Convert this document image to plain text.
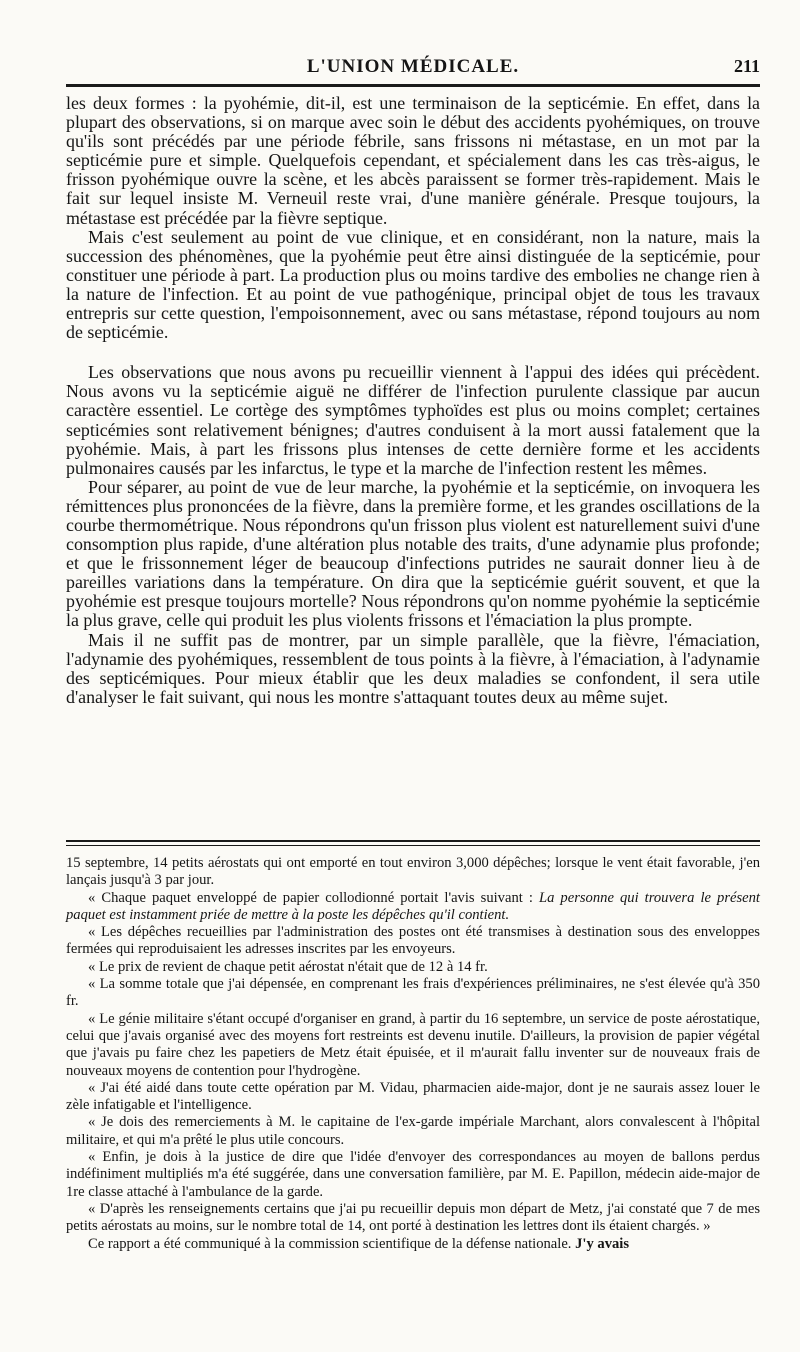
L'UNION MÉDICALE.	211

les deux formes : la pyohémie, dit-il, est une terminaison de la septicémie. En effet, dans la plupart des observations, si on marque avec soin le début des accidents pyohémiques, on trouve qu'ils sont précédés par une période fébrile, sans frissons ni métastase, en un mot par la septicémie pure et simple. Quelquefois cependant, et spécialement dans les cas très-aigus, le frisson pyohémique ouvre la scène, et les abcès paraissent se former très-rapidement. Mais le fait sur lequel insiste M. Verneuil reste vrai, d'une manière générale. Presque toujours, la métastase est précédée par la fièvre septique.

Mais c'est seulement au point de vue clinique, et en considérant, non la nature, mais la succession des phénomènes, que la pyohémie peut être ainsi distinguée de la septicémie, pour constituer une période à part. La production plus ou moins tardive des embolies ne change rien à la nature de l'infection. Et au point de vue pathogénique, principal objet de tous les travaux entrepris sur cette question, l'empoisonnement, avec ou sans métastase, répond toujours au nom de septicémie.

Les observations que nous avons pu recueillir viennent à l'appui des idées qui précèdent. Nous avons vu la septicémie aiguë ne différer de l'infection purulente classique par aucun caractère essentiel. Le cortège des symptômes typhoïdes est plus ou moins complet; certaines septicémies sont relativement bénignes; d'autres conduisent à la mort aussi fatalement que la pyohémie. Mais, à part les frissons plus intenses de cette dernière forme et les accidents pulmonaires causés par les infarctus, le type et la marche de l'infection restent les mêmes.

Pour séparer, au point de vue de leur marche, la pyohémie et la septicémie, on invoquera les rémittences plus prononcées de la fièvre, dans la première forme, et les grandes oscillations de la courbe thermométrique. Nous répondrons qu'un frisson plus violent est naturellement suivi d'une consomption plus rapide, d'une altération plus notable des traits, d'une adynamie plus profonde; et que le frissonnement léger de beaucoup d'infections putrides ne saurait donner lieu à de pareilles variations dans la température. On dira que la septicémie guérit souvent, et que la pyohémie est presque toujours mortelle? Nous répondrons qu'on nomme pyohémie la septicémie la plus grave, celle qui produit les plus violents frissons et l'émaciation la plus prompte.

Mais il ne suffit pas de montrer, par un simple parallèle, que la fièvre, l'émaciation, l'adynamie des pyohémiques, ressemblent de tous points à la fièvre, à l'émaciation, à l'adynamie des septicémiques. Pour mieux établir que les deux maladies se confondent, il sera utile d'analyser le fait suivant, qui nous les montre s'attaquant toutes deux au même sujet.

15 septembre, 14 petits aérostats qui ont emporté en tout environ 3,000 dépêches; lorsque le vent était favorable, j'en lançais jusqu'à 3 par jour.

« Chaque paquet enveloppé de papier collodionné portait l'avis suivant : La personne qui trouvera le présent paquet est instamment priée de mettre à la poste les dépêches qu'il contient.

« Les dépêches recueillies par l'administration des postes ont été transmises à destination sous des enveloppes fermées qui reproduisaient les adresses inscrites par les envoyeurs.

« Le prix de revient de chaque petit aérostat n'était que de 12 à 14 fr.

« La somme totale que j'ai dépensée, en comprenant les frais d'expériences préliminaires, ne s'est élevée qu'à 350 fr.

« Le génie militaire s'étant occupé d'organiser en grand, à partir du 16 septembre, un service de poste aérostatique, celui que j'avais organisé avec des moyens fort restreints est devenu inutile. D'ailleurs, la provision de papier végétal que j'avais pu faire chez les papetiers de Metz était épuisée, et il m'aurait fallu inventer sur de nouveaux frais de nouveaux moyens de contention pour l'hydrogène.

« J'ai été aidé dans toute cette opération par M. Vidau, pharmacien aide-major, dont je ne saurais assez louer le zèle infatigable et l'intelligence.

« Je dois des remerciements à M. le capitaine de l'ex-garde impériale Marchant, alors convalescent à l'hôpital militaire, et qui m'a prêté le plus utile concours.

« Enfin, je dois à la justice de dire que l'idée d'envoyer des correspondances au moyen de ballons perdus indéfiniment multipliés m'a été suggérée, dans une conversation familière, par M. E. Papillon, médecin aide-major de 1re classe attaché à l'ambulance de la garde.

« D'après les renseignements certains que j'ai pu recueillir depuis mon départ de Metz, j'ai constaté que 7 de mes petits aérostats au moins, sur le nombre total de 14, ont porté à destination les lettres dont ils étaient chargés. »

Ce rapport a été communiqué à la commission scientifique de la défense nationale. J'y avais
